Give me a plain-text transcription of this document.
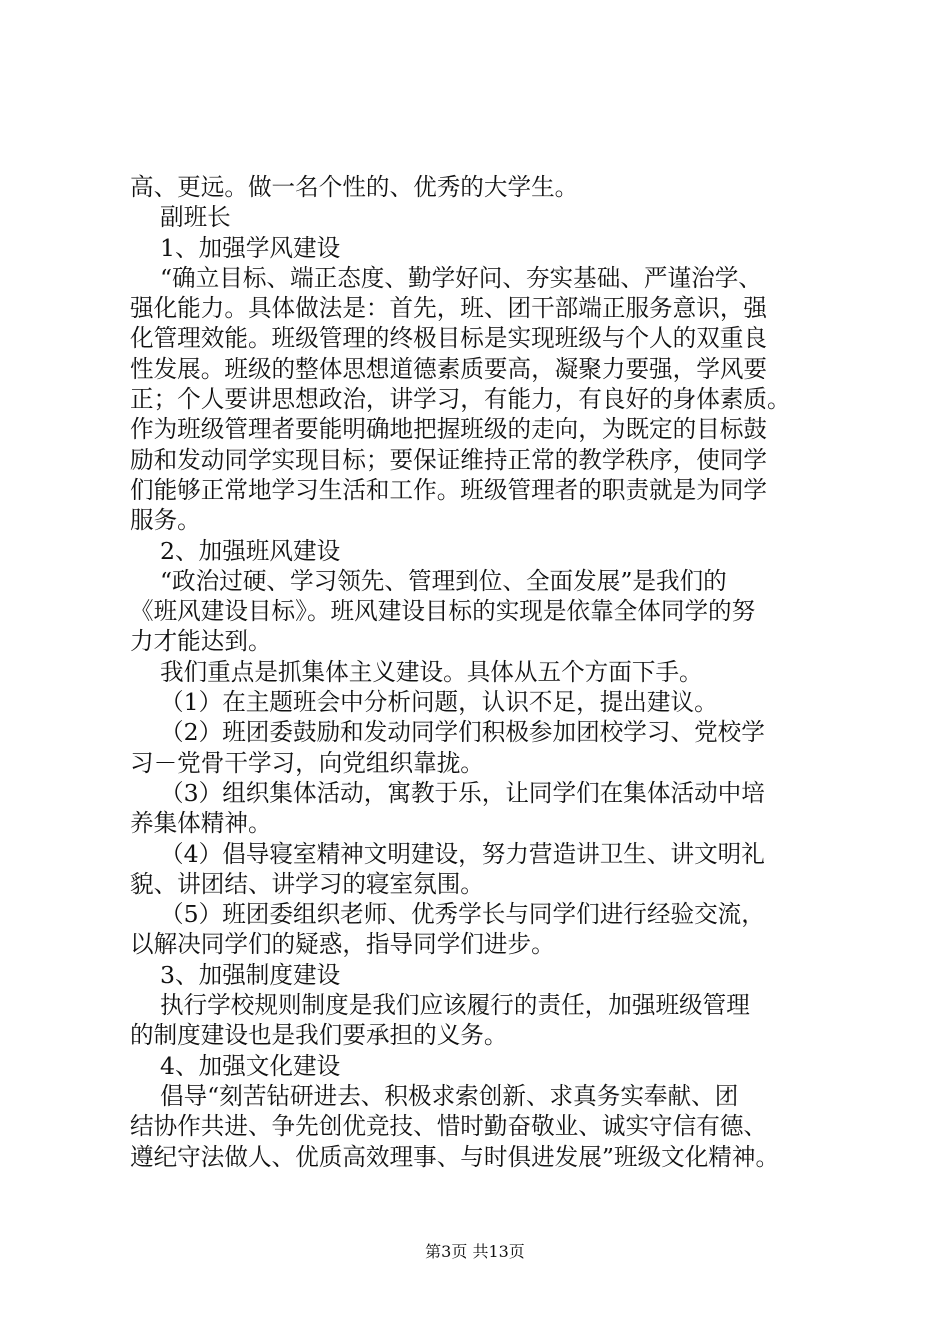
高、更远。做一名个性的、优秀的大学生。
副班长
1、加强学风建设
“确立目标、端正态度、勤学好问、夯实基础、严谨治学、
强化能力。具体做法是：首先，班、团干部端正服务意识，强
化管理效能。班级管理的终极目标是实现班级与个人的双重良
性发展。班级的整体思想道德素质要高，凝聚力要强，学风要
正；个人要讲思想政治，讲学习，有能力，有良好的身体素质。
作为班级管理者要能明确地把握班级的走向，为既定的目标鼓
励和发动同学实现目标；要保证维持正常的教学秩序，使同学
们能够正常地学习生活和工作。班级管理者的职责就是为同学
服务。
2、加强班风建设
“政治过硬、学习领先、管理到位、全面发展”是我们的
《班风建设目标》。班风建设目标的实现是依靠全体同学的努
力才能达到。
我们重点是抓集体主义建设。具体从五个方面下手。
（1）在主题班会中分析问题，认识不足，提出建议。
（2）班团委鼓励和发动同学们积极参加团校学习、党校学
习－党骨干学习，向党组织靠拢。
（3）组织集体活动，寓教于乐，让同学们在集体活动中培
养集体精神。
（4）倡导寝室精神文明建设，努力营造讲卫生、讲文明礼
貌、讲团结、讲学习的寝室氛围。
（5）班团委组织老师、优秀学长与同学们进行经验交流，
以解决同学们的疑惑，指导同学们进步。
3、加强制度建设
执行学校规则制度是我们应该履行的责任，加强班级管理
的制度建设也是我们要承担的义务。
4、加强文化建设
倡导“刻苦钻研进去、积极求索创新、求真务实奉献、团
结协作共进、争先创优竞技、惜时勤奋敬业、诚实守信有德、
遵纪守法做人、优质高效理事、与时俱进发展”班级文化精神。
第3页 共13页
